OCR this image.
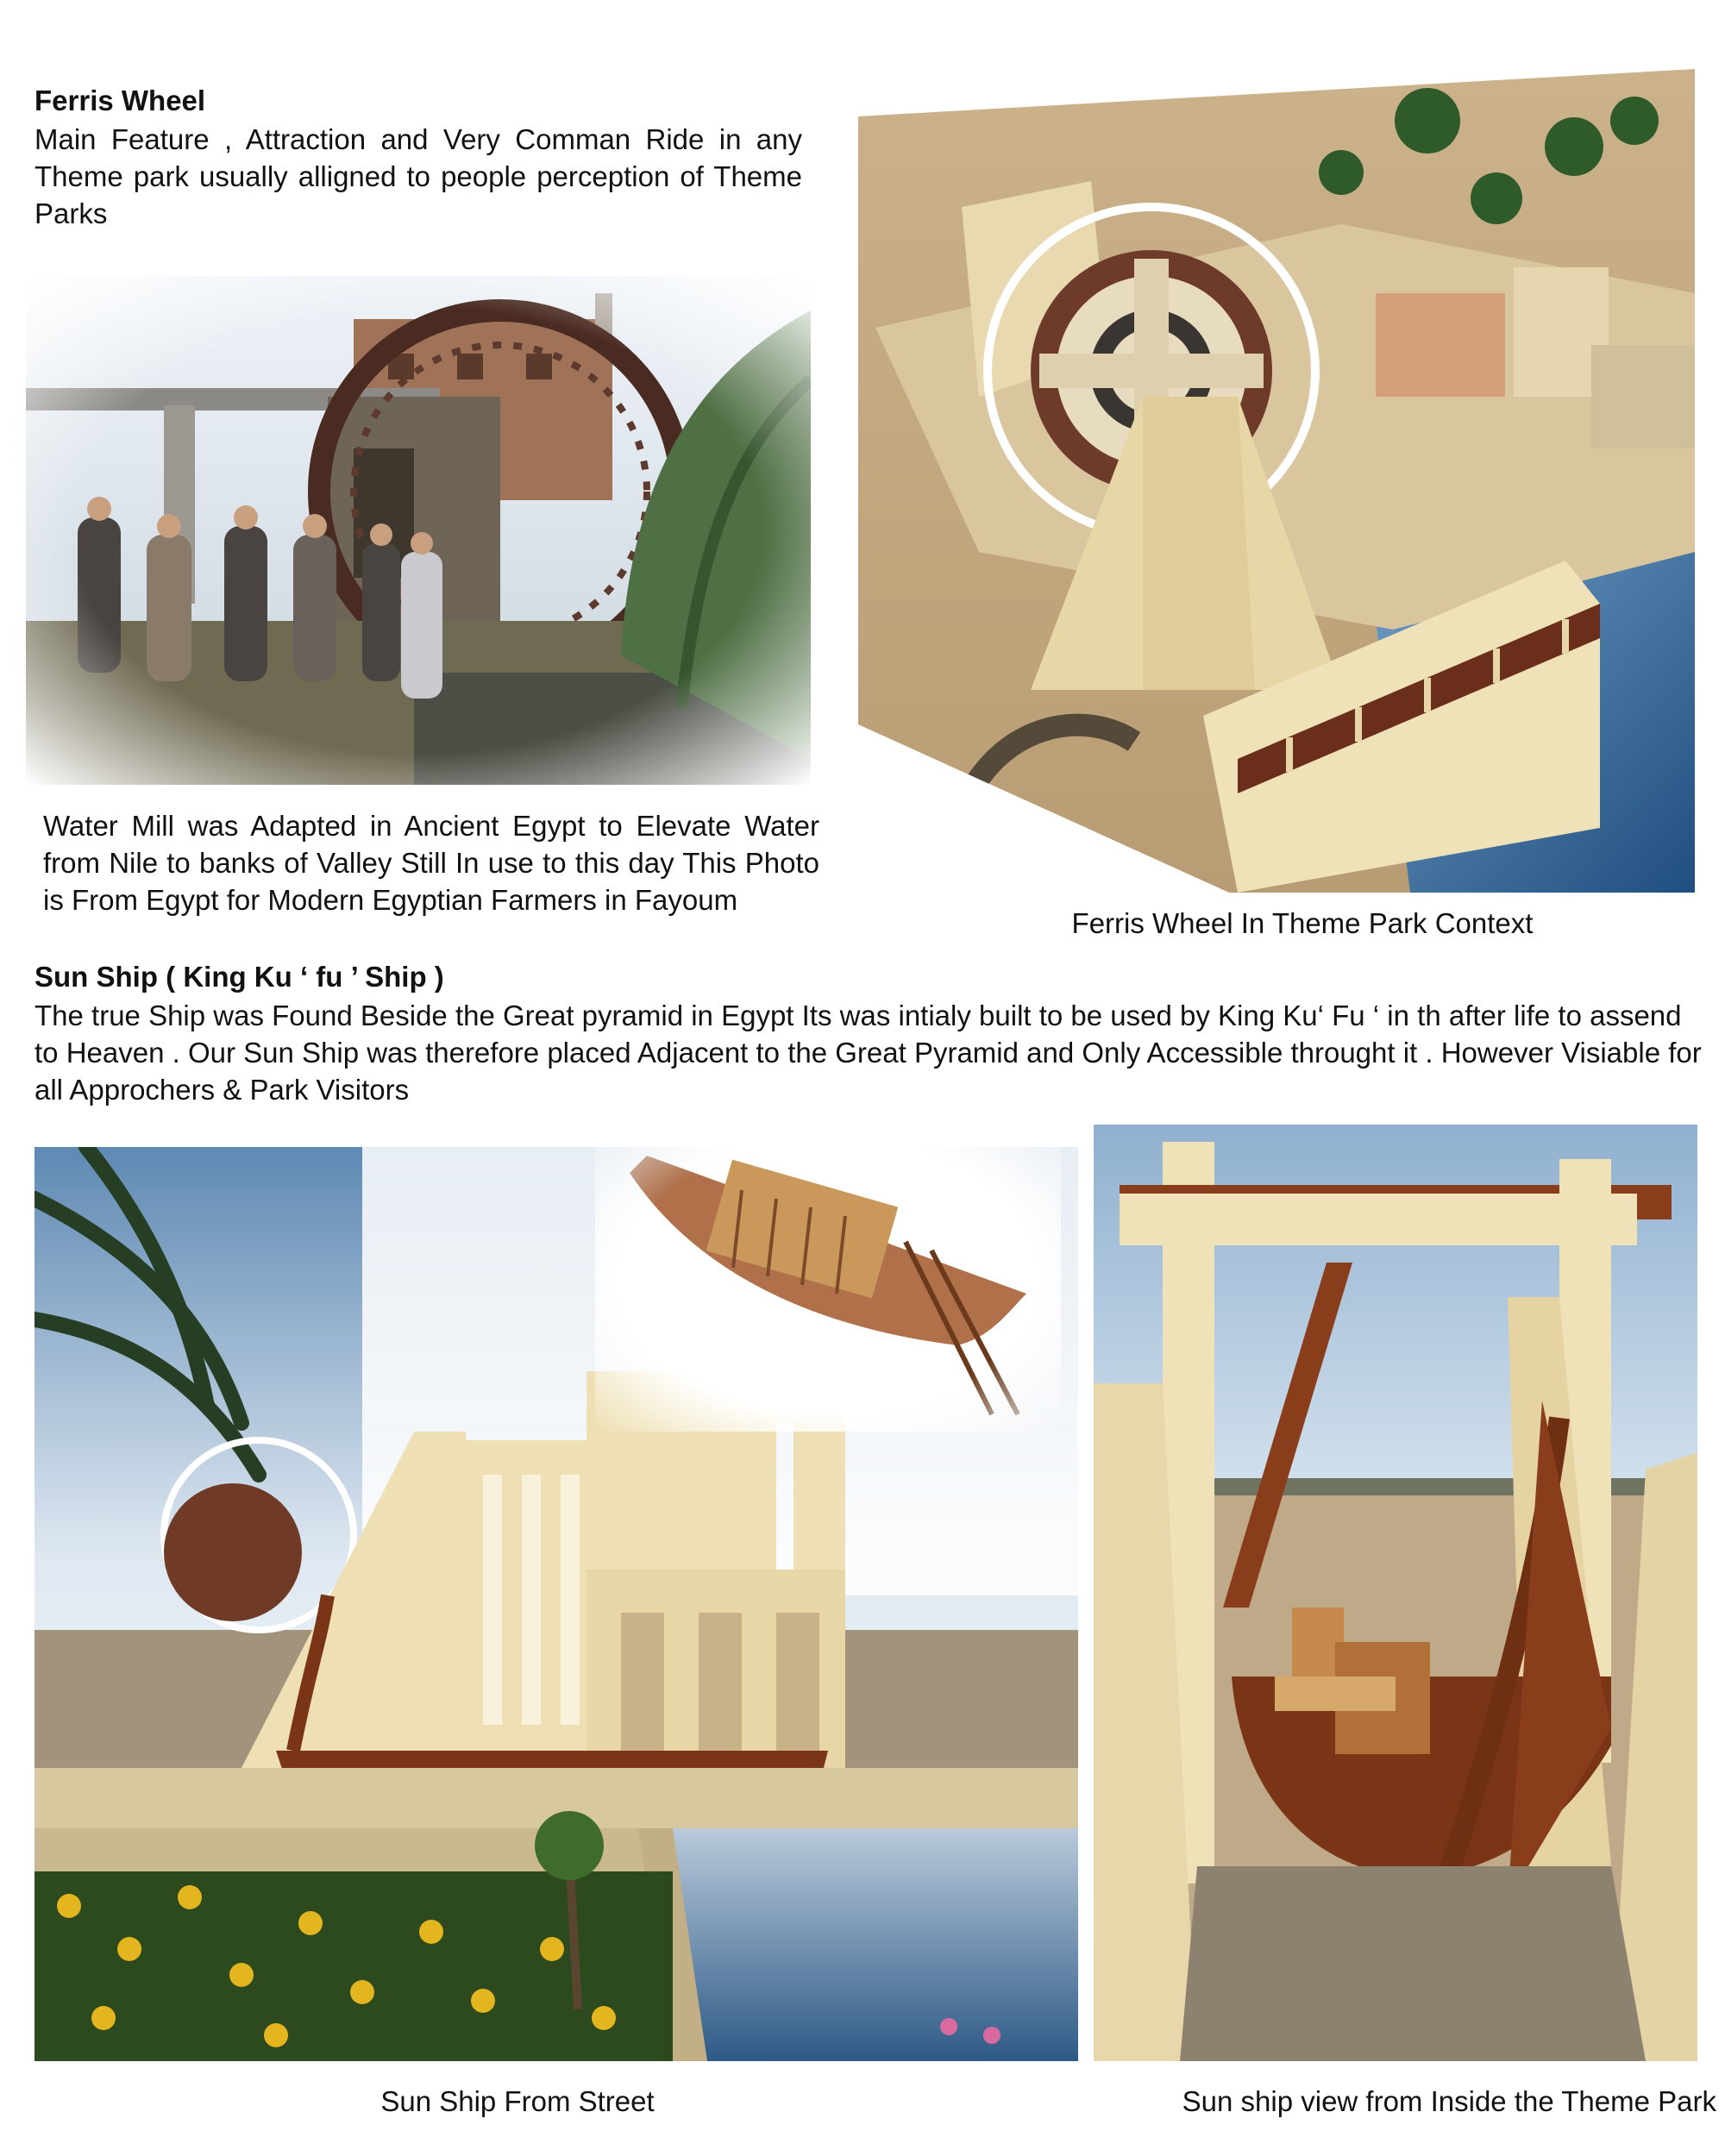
Ferris Wheel
Main Feature , Attraction and Very Comman Ride in any Theme park usually alligned to people perception of Theme Parks
Water Mill was Adapted in Ancient Egypt to Elevate Water from Nile to banks of Valley Still In use to this day This Photo is From Egypt for Modern Egyptian Farmers in Fayoum
Ferris Wheel In Theme Park Context
Sun Ship ( King Ku ‘ fu ’ Ship )
The true Ship was Found Beside the Great pyramid in Egypt Its was intialy built to be used by King Ku‘ Fu ‘ in th after life to assend to Heaven . Our Sun Ship was therefore placed Adjacent to the Great Pyramid and Only Accessible throught it . However Visiable for all Approchers & Park Visitors
Sun Ship From Street	Sun ship view from Inside the Theme Park
